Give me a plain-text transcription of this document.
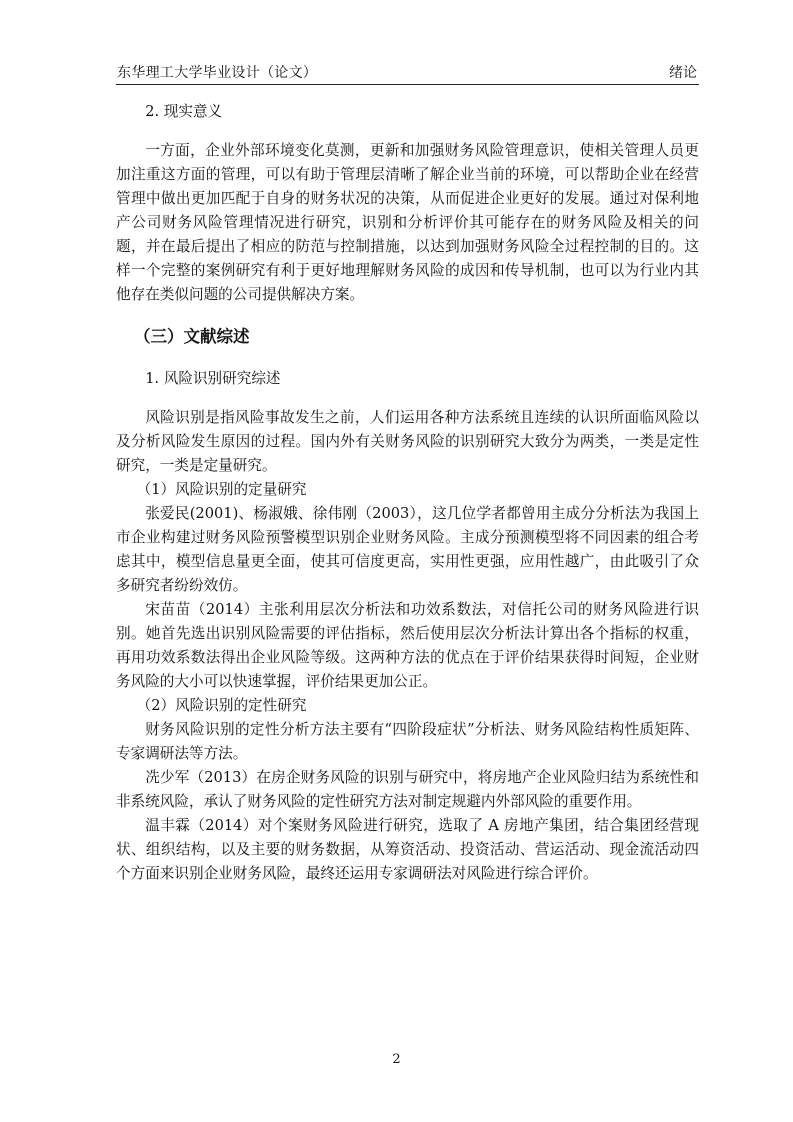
东华理工大学毕业设计（论文）	绪论

2. 现实意义

一方面，企业外部环境变化莫测，更新和加强财务风险管理意识，使相关管理人员更加注重这方面的管理，可以有助于管理层清晰了解企业当前的环境，可以帮助企业在经营管理中做出更加匹配于自身的财务状况的决策，从而促进企业更好的发展。通过对保利地产公司财务风险管理情况进行研究，识别和分析评价其可能存在的财务风险及相关的问题，并在最后提出了相应的防范与控制措施，以达到加强财务风险全过程控制的目的。这样一个完整的案例研究有利于更好地理解财务风险的成因和传导机制，也可以为行业内其他存在类似问题的公司提供解决方案。

（三）文献综述

1. 风险识别研究综述

风险识别是指风险事故发生之前，人们运用各种方法系统且连续的认识所面临风险以及分析风险发生原因的过程。国内外有关财务风险的识别研究大致分为两类，一类是定性研究，一类是定量研究。

（1）风险识别的定量研究

张爱民(2001)、杨淑娥、徐伟刚（2003），这几位学者都曾用主成分分析法为我国上市企业构建过财务风险预警模型识别企业财务风险。主成分预测模型将不同因素的组合考虑其中，模型信息量更全面，使其可信度更高，实用性更强，应用性越广，由此吸引了众多研究者纷纷效仿。

宋苗苗（2014）主张利用层次分析法和功效系数法，对信托公司的财务风险进行识别。她首先选出识别风险需要的评估指标，然后使用层次分析法计算出各个指标的权重，再用功效系数法得出企业风险等级。这两种方法的优点在于评价结果获得时间短，企业财务风险的大小可以快速掌握，评价结果更加公正。

（2）风险识别的定性研究

财务风险识别的定性分析方法主要有“四阶段症状”分析法、财务风险结构性质矩阵、专家调研法等方法。

冼少军（2013）在房企财务风险的识别与研究中，将房地产企业风险归结为系统性和非系统风险，承认了财务风险的定性研究方法对制定规避内外部风险的重要作用。

温丰霖（2014）对个案财务风险进行研究，选取了 A 房地产集团，结合集团经营现状、组织结构，以及主要的财务数据，从筹资活动、投资活动、营运活动、现金流活动四个方面来识别企业财务风险，最终还运用专家调研法对风险进行综合评价。

2
